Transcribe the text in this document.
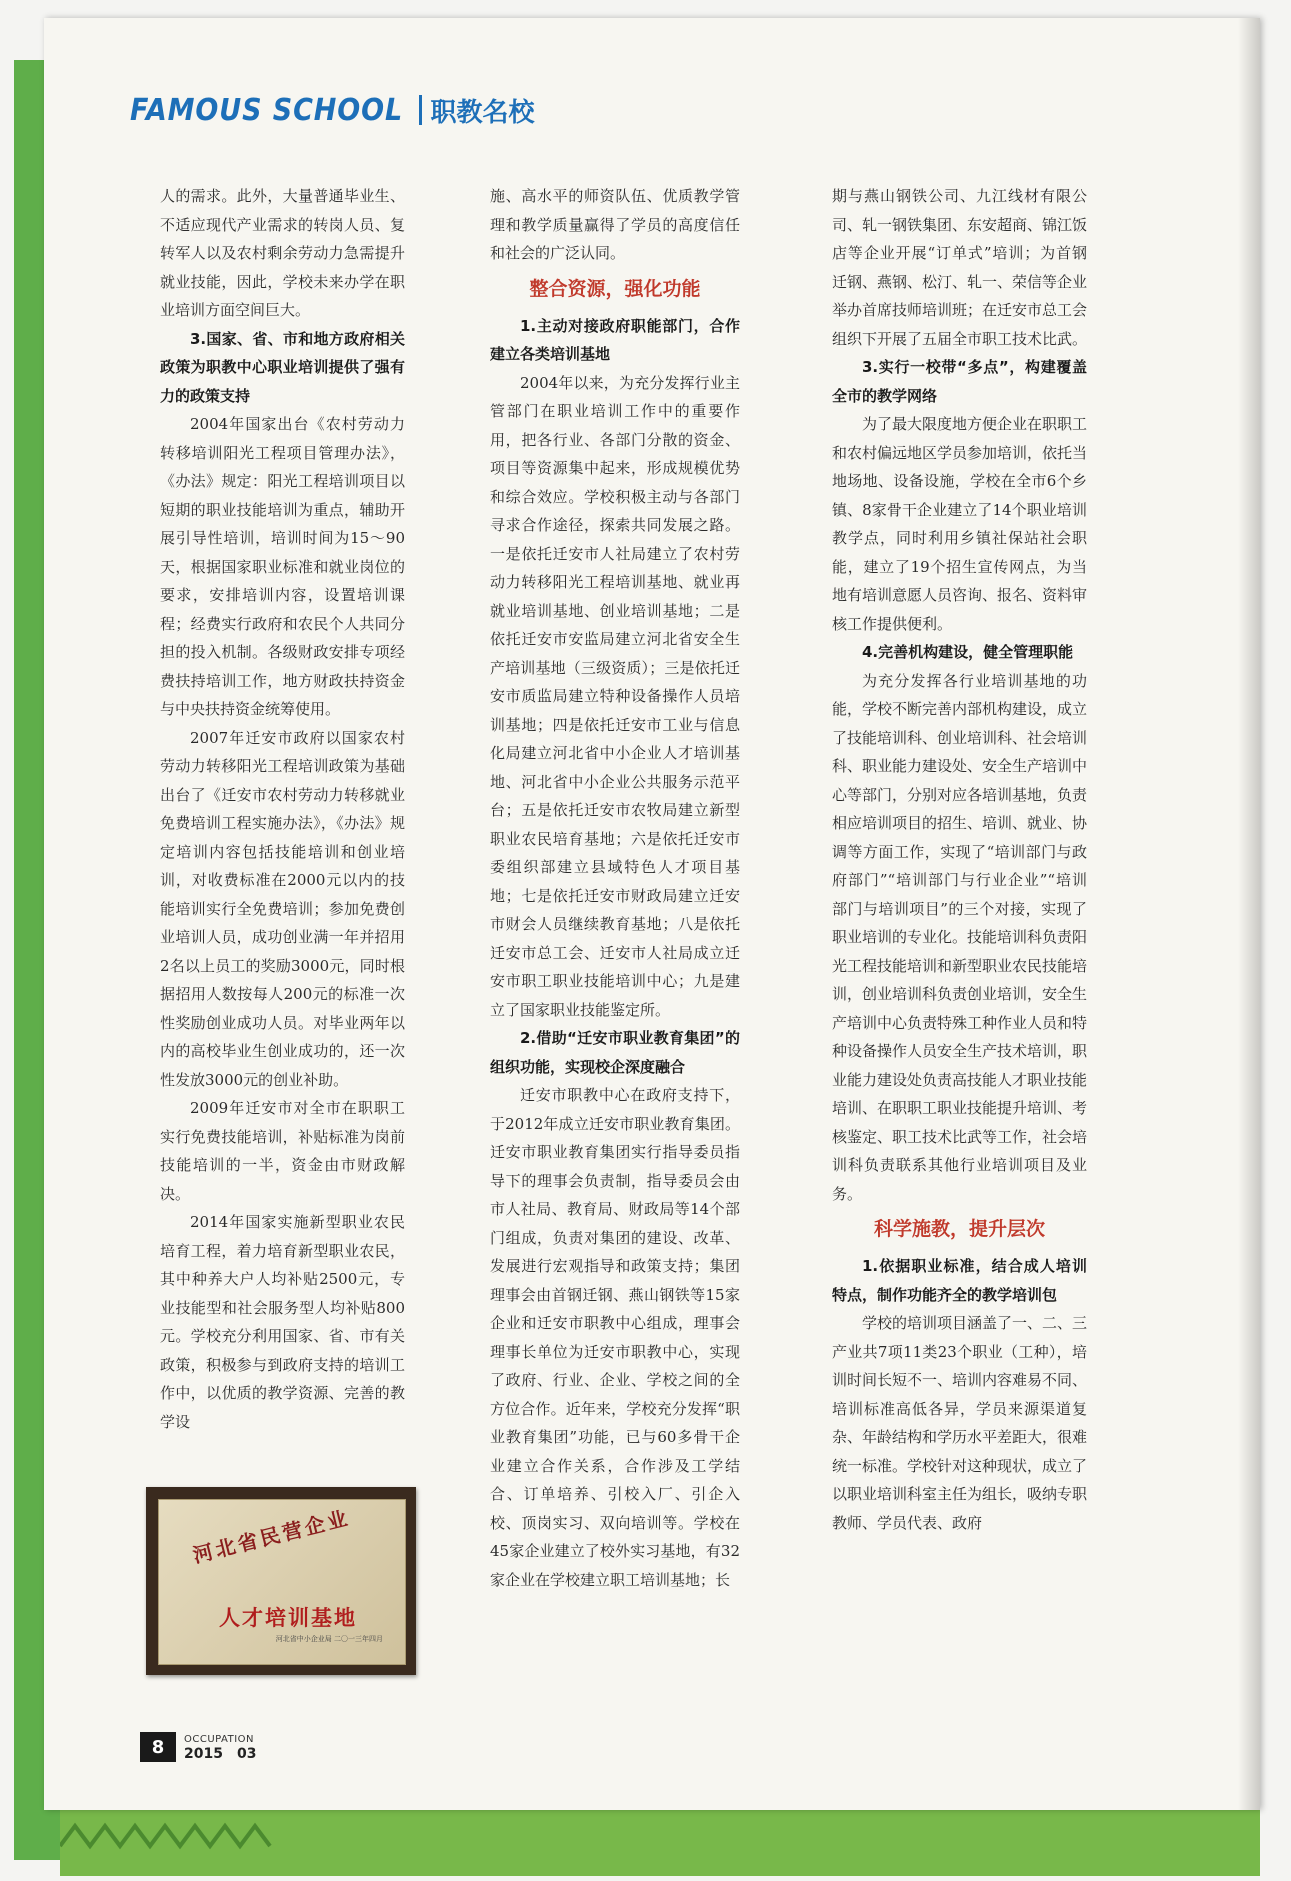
FAMOUS SCHOOL 职教名校

人的需求。此外，大量普通毕业生、不适应现代产业需求的转岗人员、复转军人以及农村剩余劳动力急需提升就业技能，因此，学校未来办学在职业培训方面空间巨大。

3.国家、省、市和地方政府相关政策为职教中心职业培训提供了强有力的政策支持

2004年国家出台《农村劳动力转移培训阳光工程项目管理办法》，《办法》规定：阳光工程培训项目以短期的职业技能培训为重点，辅助开展引导性培训，培训时间为15～90天，根据国家职业标准和就业岗位的要求，安排培训内容，设置培训课程；经费实行政府和农民个人共同分担的投入机制。各级财政安排专项经费扶持培训工作，地方财政扶持资金与中央扶持资金统筹使用。

2007年迁安市政府以国家农村劳动力转移阳光工程培训政策为基础出台了《迁安市农村劳动力转移就业免费培训工程实施办法》，《办法》规定培训内容包括技能培训和创业培训，对收费标准在2000元以内的技能培训实行全免费培训；参加免费创业培训人员，成功创业满一年并招用2名以上员工的奖励3000元，同时根据招用人数按每人200元的标准一次性奖励创业成功人员。对毕业两年以内的高校毕业生创业成功的，还一次性发放3000元的创业补助。

2009年迁安市对全市在职职工实行免费技能培训，补贴标准为岗前技能培训的一半，资金由市财政解决。

2014年国家实施新型职业农民培育工程，着力培育新型职业农民，其中种养大户人均补贴2500元，专业技能型和社会服务型人均补贴800元。学校充分利用国家、省、市有关政策，积极参与到政府支持的培训工作中，以优质的教学资源、完善的教学设

施、高水平的师资队伍、优质教学管理和教学质量赢得了学员的高度信任和社会的广泛认同。

整合资源，强化功能

1.主动对接政府职能部门，合作建立各类培训基地

2004年以来，为充分发挥行业主管部门在职业培训工作中的重要作用，把各行业、各部门分散的资金、项目等资源集中起来，形成规模优势和综合效应。学校积极主动与各部门寻求合作途径，探索共同发展之路。一是依托迁安市人社局建立了农村劳动力转移阳光工程培训基地、就业再就业培训基地、创业培训基地；二是依托迁安市安监局建立河北省安全生产培训基地（三级资质）；三是依托迁安市质监局建立特种设备操作人员培训基地；四是依托迁安市工业与信息化局建立河北省中小企业人才培训基地、河北省中小企业公共服务示范平台；五是依托迁安市农牧局建立新型职业农民培育基地；六是依托迁安市委组织部建立县域特色人才项目基地；七是依托迁安市财政局建立迁安市财会人员继续教育基地；八是依托迁安市总工会、迁安市人社局成立迁安市职工职业技能培训中心；九是建立了国家职业技能鉴定所。

2.借助“迁安市职业教育集团”的组织功能，实现校企深度融合

迁安市职教中心在政府支持下，于2012年成立迁安市职业教育集团。迁安市职业教育集团实行指导委员指导下的理事会负责制，指导委员会由市人社局、教育局、财政局等14个部门组成，负责对集团的建设、改革、发展进行宏观指导和政策支持；集团理事会由首钢迁钢、燕山钢铁等15家企业和迁安市职教中心组成，理事会理事长单位为迁安市职教中心，实现了政府、行业、企业、学校之间的全方位合作。近年来，学校充分发挥“职业教育集团”功能，已与60多骨干企业建立合作关系，合作涉及工学结合、订单培养、引校入厂、引企入校、顶岗实习、双向培训等。学校在45家企业建立了校外实习基地，有32家企业在学校建立职工培训基地；长

期与燕山钢铁公司、九江线材有限公司、轧一钢铁集团、东安超商、锦江饭店等企业开展“订单式”培训；为首钢迁钢、燕钢、松汀、轧一、荣信等企业举办首席技师培训班；在迁安市总工会组织下开展了五届全市职工技术比武。

3.实行一校带“多点”，构建覆盖全市的教学网络

为了最大限度地方便企业在职职工和农村偏远地区学员参加培训，依托当地场地、设备设施，学校在全市6个乡镇、8家骨干企业建立了14个职业培训教学点，同时利用乡镇社保站社会职能，建立了19个招生宣传网点，为当地有培训意愿人员咨询、报名、资料审核工作提供便利。

4.完善机构建设，健全管理职能

为充分发挥各行业培训基地的功能，学校不断完善内部机构建设，成立了技能培训科、创业培训科、社会培训科、职业能力建设处、安全生产培训中心等部门，分别对应各培训基地，负责相应培训项目的招生、培训、就业、协调等方面工作，实现了“培训部门与政府部门”“培训部门与行业企业”“培训部门与培训项目”的三个对接，实现了职业培训的专业化。技能培训科负责阳光工程技能培训和新型职业农民技能培训，创业培训科负责创业培训，安全生产培训中心负责特殊工种作业人员和特种设备操作人员安全生产技术培训，职业能力建设处负责高技能人才职业技能培训、在职职工职业技能提升培训、考核鉴定、职工技术比武等工作，社会培训科负责联系其他行业培训项目及业务。

科学施教，提升层次

1.依据职业标准，结合成人培训特点，制作功能齐全的教学培训包

学校的培训项目涵盖了一、二、三产业共7项11类23个职业（工种），培训时间长短不一、培训内容难易不同、培训标准高低各异，学员来源渠道复杂、年龄结构和学历水平差距大，很难统一标准。学校针对这种现状，成立了以职业培训科室主任为组长，吸纳专职教师、学员代表、政府

河北省民营企业
人才培训基地
河北省中小企业局 二〇一三年四月
8	OCCUPATION
2015　03
